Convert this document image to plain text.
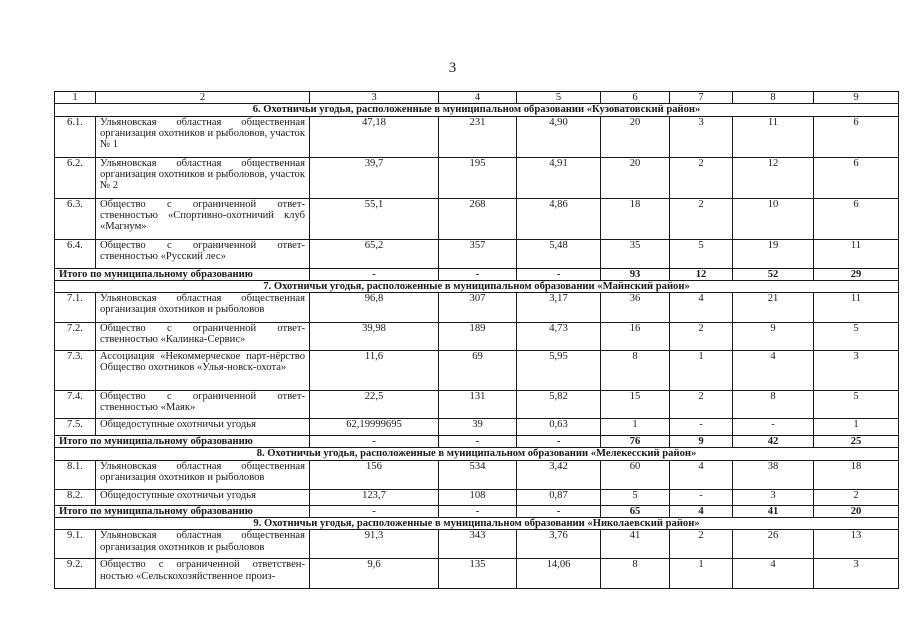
3
1	2	3	4	5	6	7	8	9
6. Охотничьи угодья, расположенные в муниципальном образовании «Кузоватовский район»								
6.1.	Ульяновская областная общественная организация охотников и рыболовов, участок № 1	47,18	231	4,90	20	3	11	6
6.2.	Ульяновская областная общественная организация охотников и рыболовов, участок № 2	39,7	195	4,91	20	2	12	6
6.3.	Общество с ограниченной ответ-ственностью «Спортивно-охотничий клуб «Магнум»	55,1	268	4,86	18	2	10	6
6.4.	Общество с ограниченной ответ-ственностью «Русский лес»	65,2	357	5,48	35	5	19	11
Итого по муниципальному образованию		-	-	-	93	12	52	29
7. Охотничьи угодья, расположенные в муниципальном образовании «Майнский район»								
7.1.	Ульяновская областная общественная организация охотников и рыболовов	96,8	307	3,17	36	4	21	11
7.2.	Общество с ограниченной ответ-ственностью «Калинка-Сервис»	39,98	189	4,73	16	2	9	5
7.3.	Ассоциация «Некоммерческое парт-нёрство Общество охотников «Улья-новск-охота»	11,6	69	5,95	8	1	4	3
7.4.	Общество с ограниченной ответ-ственностью «Маяк»	22,5	131	5,82	15	2	8	5
7.5.	Общедоступные охотничьи угодья	62,19999695	39	0,63	1	-	-	1
Итого по муниципальному образованию		-	-	-	76	9	42	25
8. Охотничьи угодья, расположенные в муниципальном образовании «Мелекесский район»								
8.1.	Ульяновская областная общественная организация охотников и рыболовов	156	534	3,42	60	4	38	18
8.2.	Общедоступные охотничьи угодья	123,7	108	0,87	5	-	3	2
Итого по муниципальному образованию		-	-	-	65	4	41	20
9. Охотничьи угодья, расположенные в муниципальном образовании «Николаевский район»								
9.1.	Ульяновская областная общественная организация охотников и рыболовов	91,3	343	3,76	41	2	26	13
9.2.	Общество с ограниченной ответствен-ностью «Сельскохозяйственное произ-	9,6	135	14,06	8	1	4	3
